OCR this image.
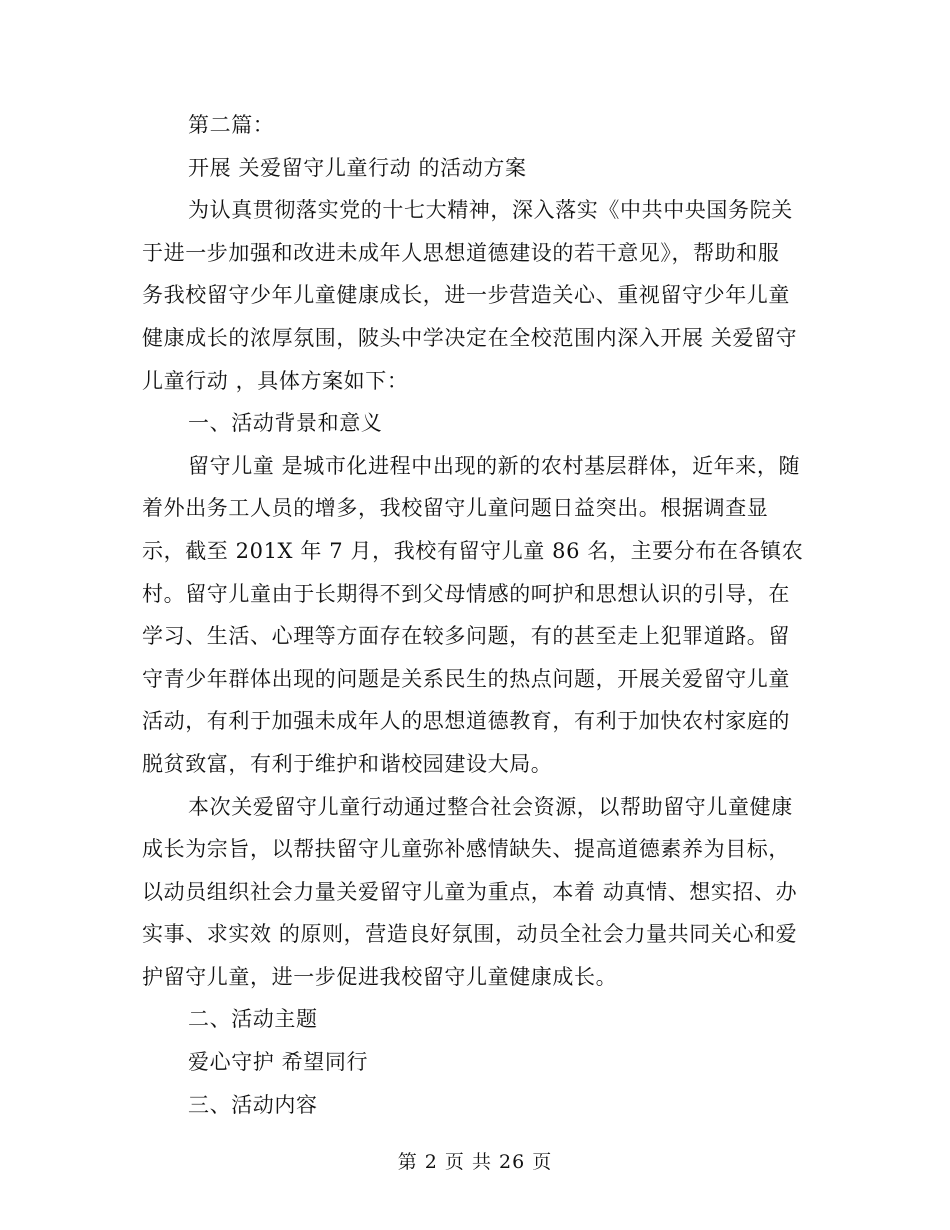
第二篇：
开展 关爱留守儿童行动 的活动方案
为认真贯彻落实党的十七大精神，深入落实《中共中央国务院关
于进一步加强和改进未成年人思想道德建设的若干意见》，帮助和服
务我校留守少年儿童健康成长，进一步营造关心、重视留守少年儿童
健康成长的浓厚氛围，陂头中学决定在全校范围内深入开展 关爱留守
儿童行动 ，具体方案如下：
一、活动背景和意义
留守儿童 是城市化进程中出现的新的农村基层群体，近年来，随
着外出务工人员的增多，我校留守儿童问题日益突出。根据调查显
示，截至 201X 年 7 月，我校有留守儿童 86 名，主要分布在各镇农
村。留守儿童由于长期得不到父母情感的呵护和思想认识的引导，在
学习、生活、心理等方面存在较多问题，有的甚至走上犯罪道路。留
守青少年群体出现的问题是关系民生的热点问题，开展关爱留守儿童
活动，有利于加强未成年人的思想道德教育，有利于加快农村家庭的
脱贫致富，有利于维护和谐校园建设大局。
本次关爱留守儿童行动通过整合社会资源，以帮助留守儿童健康
成长为宗旨，以帮扶留守儿童弥补感情缺失、提高道德素养为目标，
以动员组织社会力量关爱留守儿童为重点，本着 动真情、想实招、办
实事、求实效 的原则，营造良好氛围，动员全社会力量共同关心和爱
护留守儿童，进一步促进我校留守儿童健康成长。
二、活动主题
爱心守护 希望同行
三、活动内容
第 2 页 共 26 页
